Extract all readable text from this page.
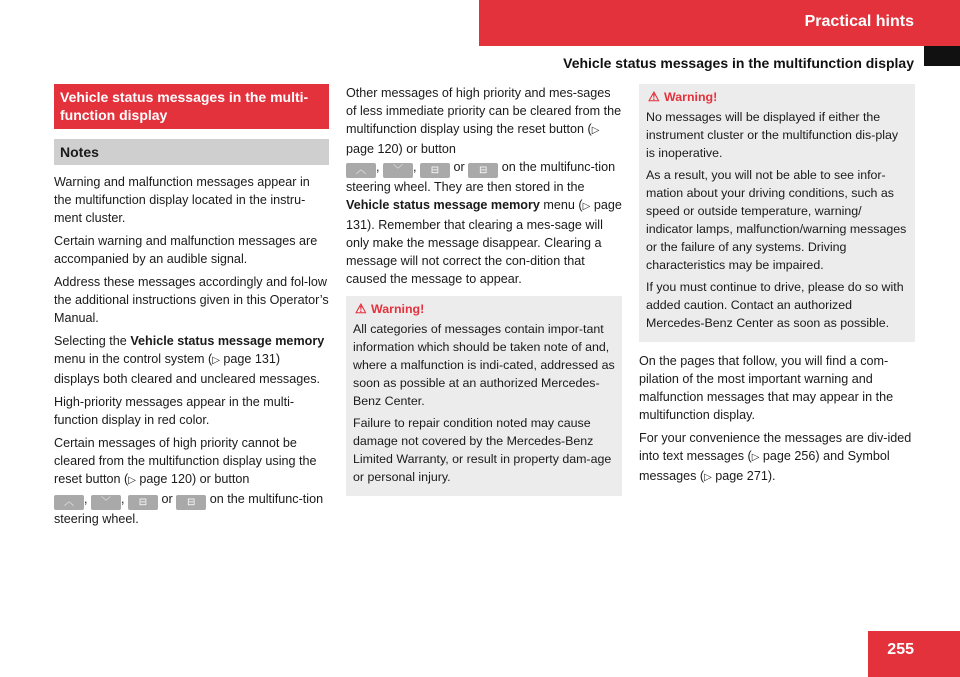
Practical hints
Vehicle status messages in the multifunction display
Vehicle status messages in the multi-function display
Notes

Warning and malfunction messages appear in the multifunction display located in the instru-ment cluster.

Certain warning and malfunction messages are accompanied by an audible signal.

Address these messages accordingly and fol-low the additional instructions given in this Operator’s Manual.

Selecting the Vehicle status message memory menu in the control system (▷ page 131) displays both cleared and uncleared messages.

High-priority messages appear in the multi-function display in red color.

Certain messages of high priority cannot be cleared from the multifunction display using the reset button (▷ page 120) or button
︿ , ﹀ , ⊟ or ⊟ on the multifunc-tion steering wheel.

Other messages of high priority and mes-sages of less immediate priority can be cleared from the multifunction display using the reset button (▷ page 120) or button
︿ , ﹀ , ⊟ or ⊟ on the multifunc-tion steering wheel. They are then stored in the Vehicle status message memory menu (▷ page 131). Remember that clearing a mes-sage will only make the message disappear. Clearing a message will not correct the con-dition that caused the message to appear.

⚠ Warning!

All categories of messages contain impor-tant information which should be taken note of and, where a malfunction is indi-cated, addressed as soon as possible at an authorized Mercedes-Benz Center.

Failure to repair condition noted may cause damage not covered by the Mercedes-Benz Limited Warranty, or result in property dam-age or personal injury.

⚠ Warning!

No messages will be displayed if either the instrument cluster or the multifunction dis-play is inoperative.

As a result, you will not be able to see infor-mation about your driving conditions, such as speed or outside temperature, warning/ indicator lamps, malfunction/warning messages or the failure of any systems. Driving characteristics may be impaired.

If you must continue to drive, please do so with added caution. Contact an authorized Mercedes-Benz Center as soon as possible.

On the pages that follow, you will find a com-pilation of the most important warning and malfunction messages that may appear in the multifunction display.

For your convenience the messages are div-ided into text messages (▷ page 256) and Symbol messages (▷ page 271).

255
